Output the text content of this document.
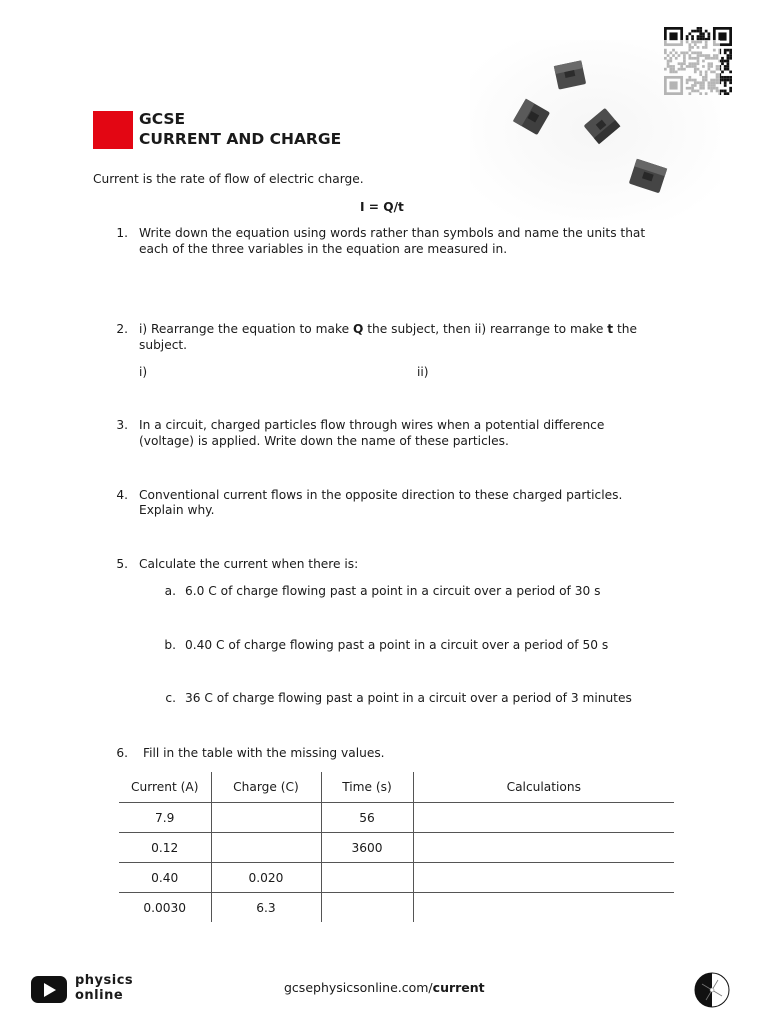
GCSE
CURRENT AND CHARGE
Current is the rate of flow of electric charge.
I = Q/t
1. Write down the equation using words rather than symbols and name the units that
each of the three variables in the equation are measured in.
2. i) Rearrange the equation to make Q the subject, then ii) rearrange to make t the
subject.
i)	ii)
3. In a circuit, charged particles flow through wires when a potential difference
(voltage) is applied. Write down the name of these particles.
4. Conventional current flows in the opposite direction to these charged particles.
Explain why.
5. Calculate the current when there is:
a. 6.0 C of charge flowing past a point in a circuit over a period of 30 s
b. 0.40 C of charge flowing past a point in a circuit over a period of 50 s
c. 36 C of charge flowing past a point in a circuit over a period of 3 minutes
6. Fill in the table with the missing values.
Current (A)	Charge (C)	Time (s)	Calculations
7.9		56	
0.12		3600	
0.40	0.020		
0.0030	6.3		
physics
online
gcsephysicsonline.com/current
